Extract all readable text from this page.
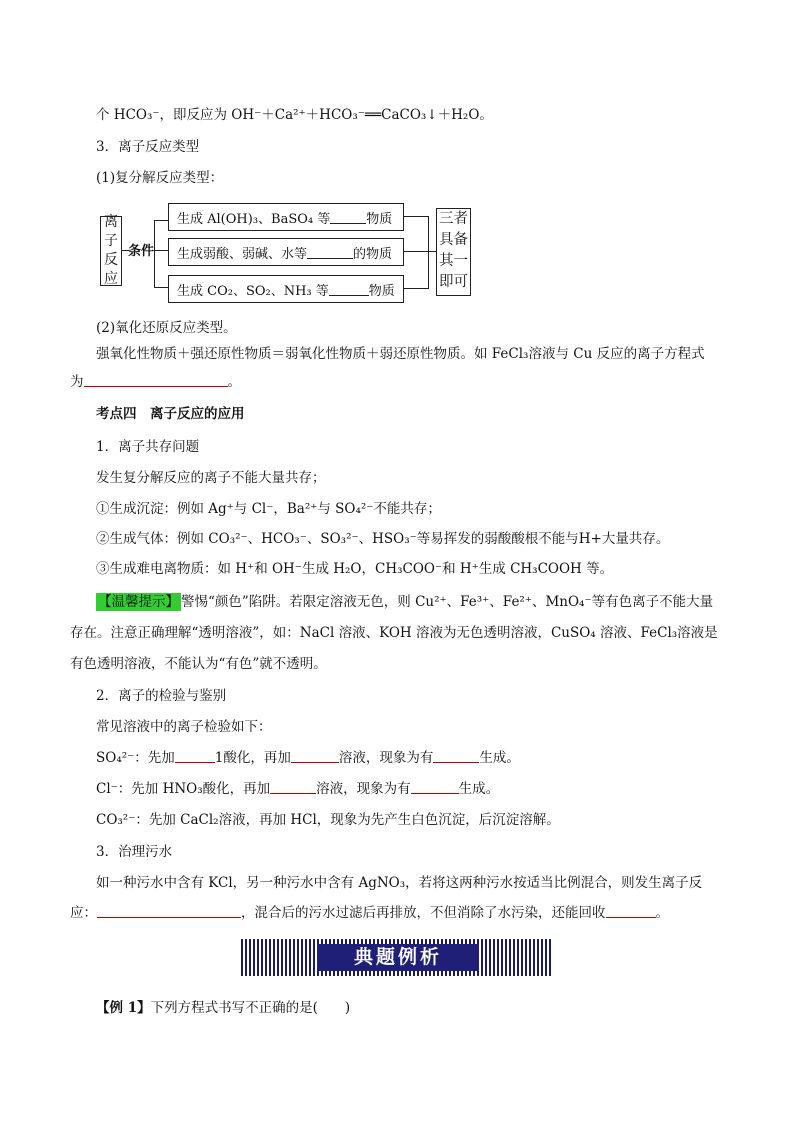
个 HCO₃⁻，即反应为 OH⁻＋Ca²⁺＋HCO₃⁻══CaCO₃↓＋H₂O。
3．离子反应类型
(1)复分解反应类型：
离子反应
条件
生成 Al(OH)₃、BaSO₄ 等	物质
生成弱酸、弱碱、水等	的物质
生成 CO₂、SO₂、NH₃ 等	物质
三者具备其一即可
(2)氧化还原反应类型。
强氧化性物质＋强还原性物质＝弱氧化性物质＋弱还原性物质。如 FeCl₃溶液与 Cu 反应的离子方程式
为	。
考点四　离子反应的应用
1．离子共存问题
发生复分解反应的离子不能大量共存；
①生成沉淀：例如 Ag⁺与 Cl⁻，Ba²⁺与 SO₄²⁻不能共存；
②生成气体：例如 CO₃²⁻、HCO₃⁻、SO₃²⁻、HSO₃⁻等易挥发的弱酸酸根不能与H+大量共存。
③生成难电离物质：如 H⁺和 OH⁻生成 H₂O，CH₃COO⁻和 H⁺生成 CH₃COOH 等。
【温馨提示】 警惕“颜色”陷阱。若限定溶液无色，则 Cu²⁺、Fe³⁺、Fe²⁺、MnO₄⁻等有色离子不能大量
存在。注意正确理解“透明溶液”，如：NaCl 溶液、KOH 溶液为无色透明溶液，CuSO₄ 溶液、FeCl₃溶液是
有色透明溶液，不能认为“有色”就不透明。
2．离子的检验与鉴别
常见溶液中的离子检验如下：
SO₄²⁻：先加	1酸化，再加	溶液，现象为有	生成。
Cl⁻：先加 HNO₃酸化，再加	溶液，现象为有	生成。
CO₃²⁻：先加 CaCl₂溶液，再加 HCl，现象为先产生白色沉淀，后沉淀溶解。
3．治理污水
如一种污水中含有 KCl，另一种污水中含有 AgNO₃，若将这两种污水按适当比例混合，则发生离子反
应：	，混合后的污水过滤后再排放，不但消除了水污染，还能回收	。
典题例析
【例 1】下列方程式书写不正确的是(　　)
